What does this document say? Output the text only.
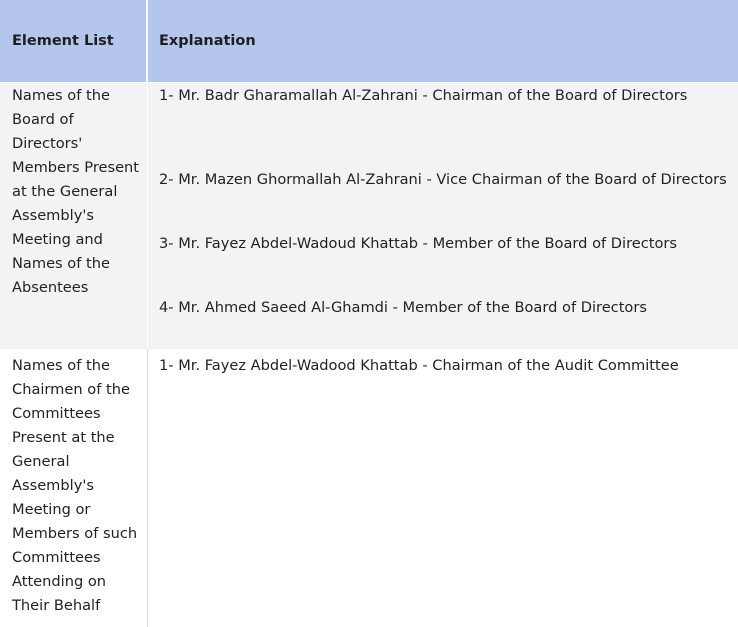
Element List	Explanation
Names of the
Board of
Directors'
Members Present
at the General
Assembly's
Meeting and
Names of the
Absentees
1- Mr. Badr Gharamallah Al-Zahrani - Chairman of the Board of Directors
2- Mr. Mazen Ghormallah Al-Zahrani - Vice Chairman of the Board of Directors
3- Mr. Fayez Abdel-Wadoud Khattab - Member of the Board of Directors
4- Mr. Ahmed Saeed Al-Ghamdi - Member of the Board of Directors
Names of the
Chairmen of the
Committees
Present at the
General
Assembly's
Meeting or
Members of such
Committees
Attending on
Their Behalf
1- Mr. Fayez Abdel-Wadood Khattab - Chairman of the Audit Committee
